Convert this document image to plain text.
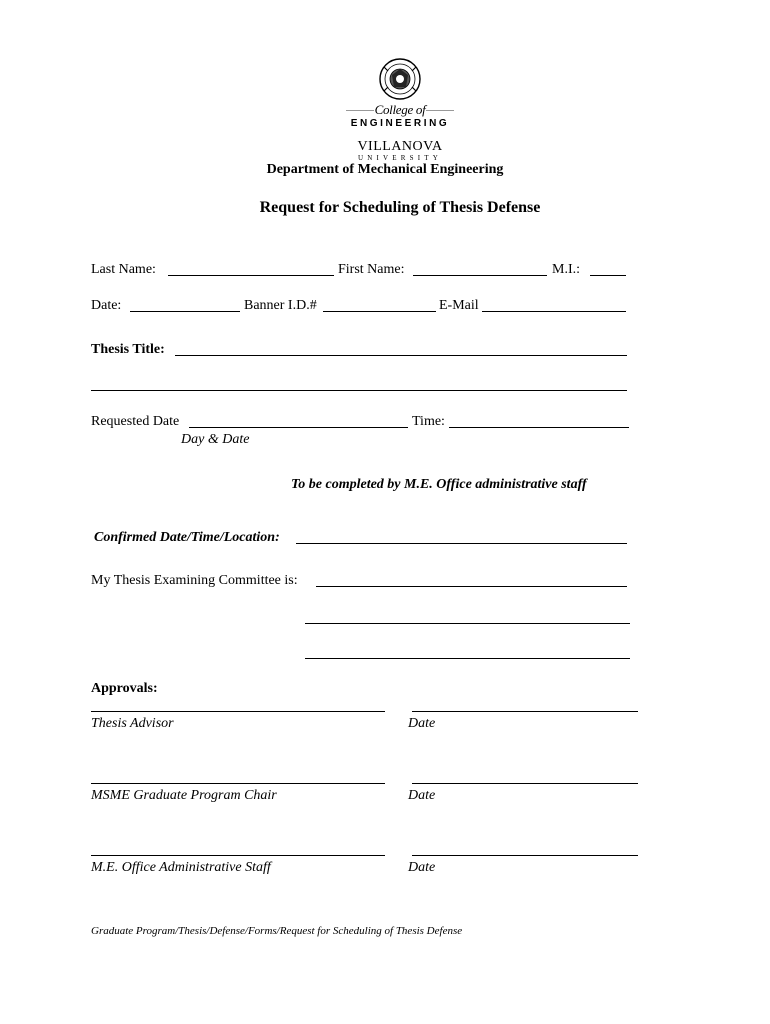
College of
ENGINEERING
VILLANOVA
UNIVERSITY
Department of Mechanical Engineering
Request for Scheduling of Thesis Defense
Last Name:	First Name:	M.I.:
Date:	Banner I.D.#	E-Mail
Thesis Title:
Requested Date	Time:
Day & Date
To be completed by M.E. Office administrative staff
Confirmed Date/Time/Location:
My Thesis Examining Committee is:
Approvals:
Thesis Advisor	Date
MSME Graduate Program Chair	Date
M.E. Office Administrative Staff	Date
Graduate Program/Thesis/Defense/Forms/Request for Scheduling of Thesis Defense
